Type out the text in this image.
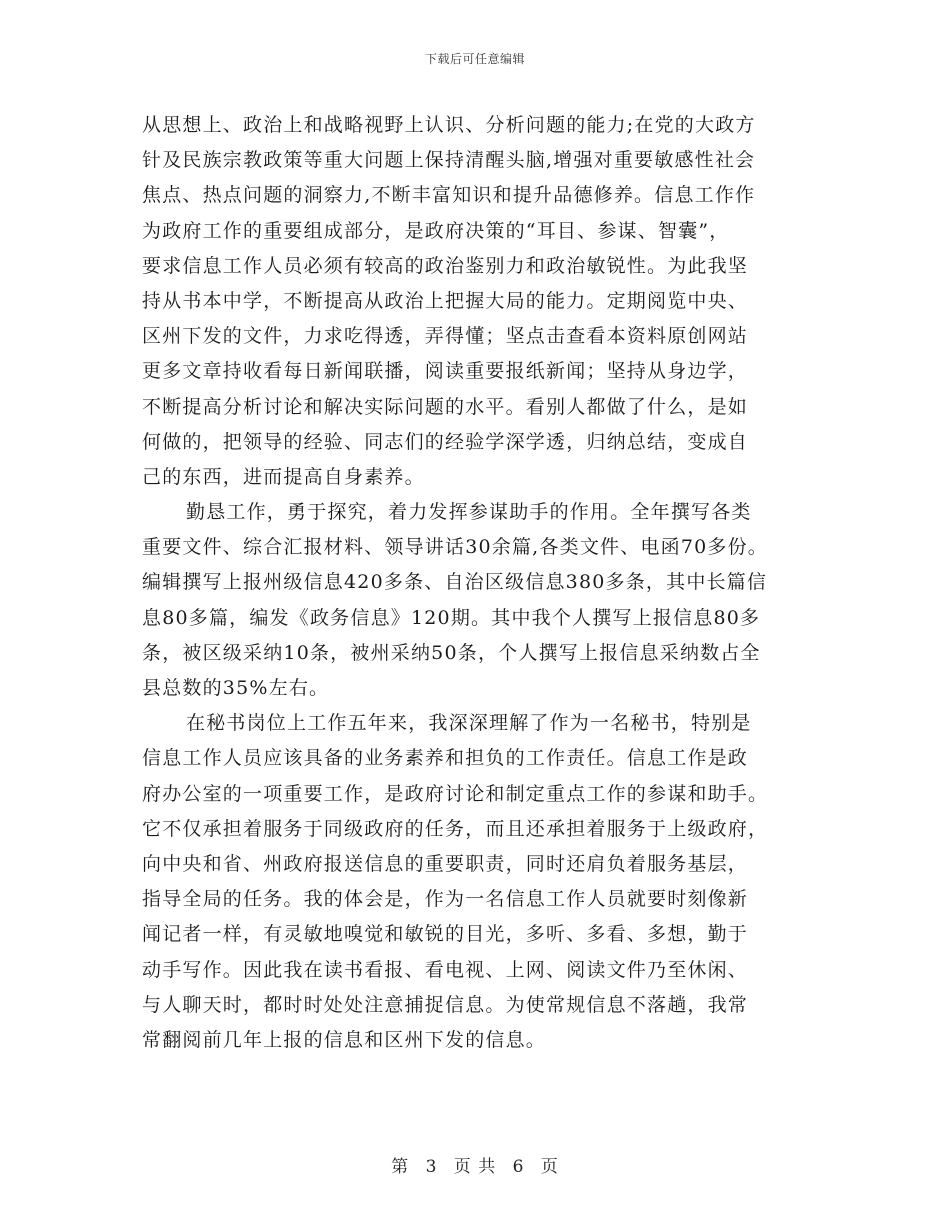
下载后可任意编辑
从思想上、政治上和战略视野上认识、分析问题的能力;在党的大政方
针及民族宗教政策等重大问题上保持清醒头脑,增强对重要敏感性社会
焦点、热点问题的洞察力,不断丰富知识和提升品德修养。信息工作作
为政府工作的重要组成部分，是政府决策的“耳目、参谋、智囊”，
要求信息工作人员必须有较高的政治鉴别力和政治敏锐性。为此我坚
持从书本中学，不断提高从政治上把握大局的能力。定期阅览中央、
区州下发的文件，力求吃得透，弄得懂；坚点击查看本资料原创网站
更多文章持收看每日新闻联播，阅读重要报纸新闻；坚持从身边学，
不断提高分析讨论和解决实际问题的水平。看别人都做了什么，是如
何做的，把领导的经验、同志们的经验学深学透，归纳总结，变成自
己的东西，进而提高自身素养。
勤恳工作，勇于探究，着力发挥参谋助手的作用。全年撰写各类
重要文件、综合汇报材料、领导讲话30余篇,各类文件、电函70多份。
编辑撰写上报州级信息420多条、自治区级信息380多条，其中长篇信
息80多篇，编发《政务信息》120期。其中我个人撰写上报信息80多
条，被区级采纳10条，被州采纳50条，个人撰写上报信息采纳数占全
县总数的35%左右。
在秘书岗位上工作五年来，我深深理解了作为一名秘书，特别是
信息工作人员应该具备的业务素养和担负的工作责任。信息工作是政
府办公室的一项重要工作，是政府讨论和制定重点工作的参谋和助手。
它不仅承担着服务于同级政府的任务，而且还承担着服务于上级政府，
向中央和省、州政府报送信息的重要职责，同时还肩负着服务基层，
指导全局的任务。我的体会是，作为一名信息工作人员就要时刻像新
闻记者一样，有灵敏地嗅觉和敏锐的目光，多听、多看、多想，勤于
动手写作。因此我在读书看报、看电视、上网、阅读文件乃至休闲、
与人聊天时，都时时处处注意捕捉信息。为使常规信息不落趟，我常
常翻阅前几年上报的信息和区州下发的信息。
第 3 页 共 6 页
